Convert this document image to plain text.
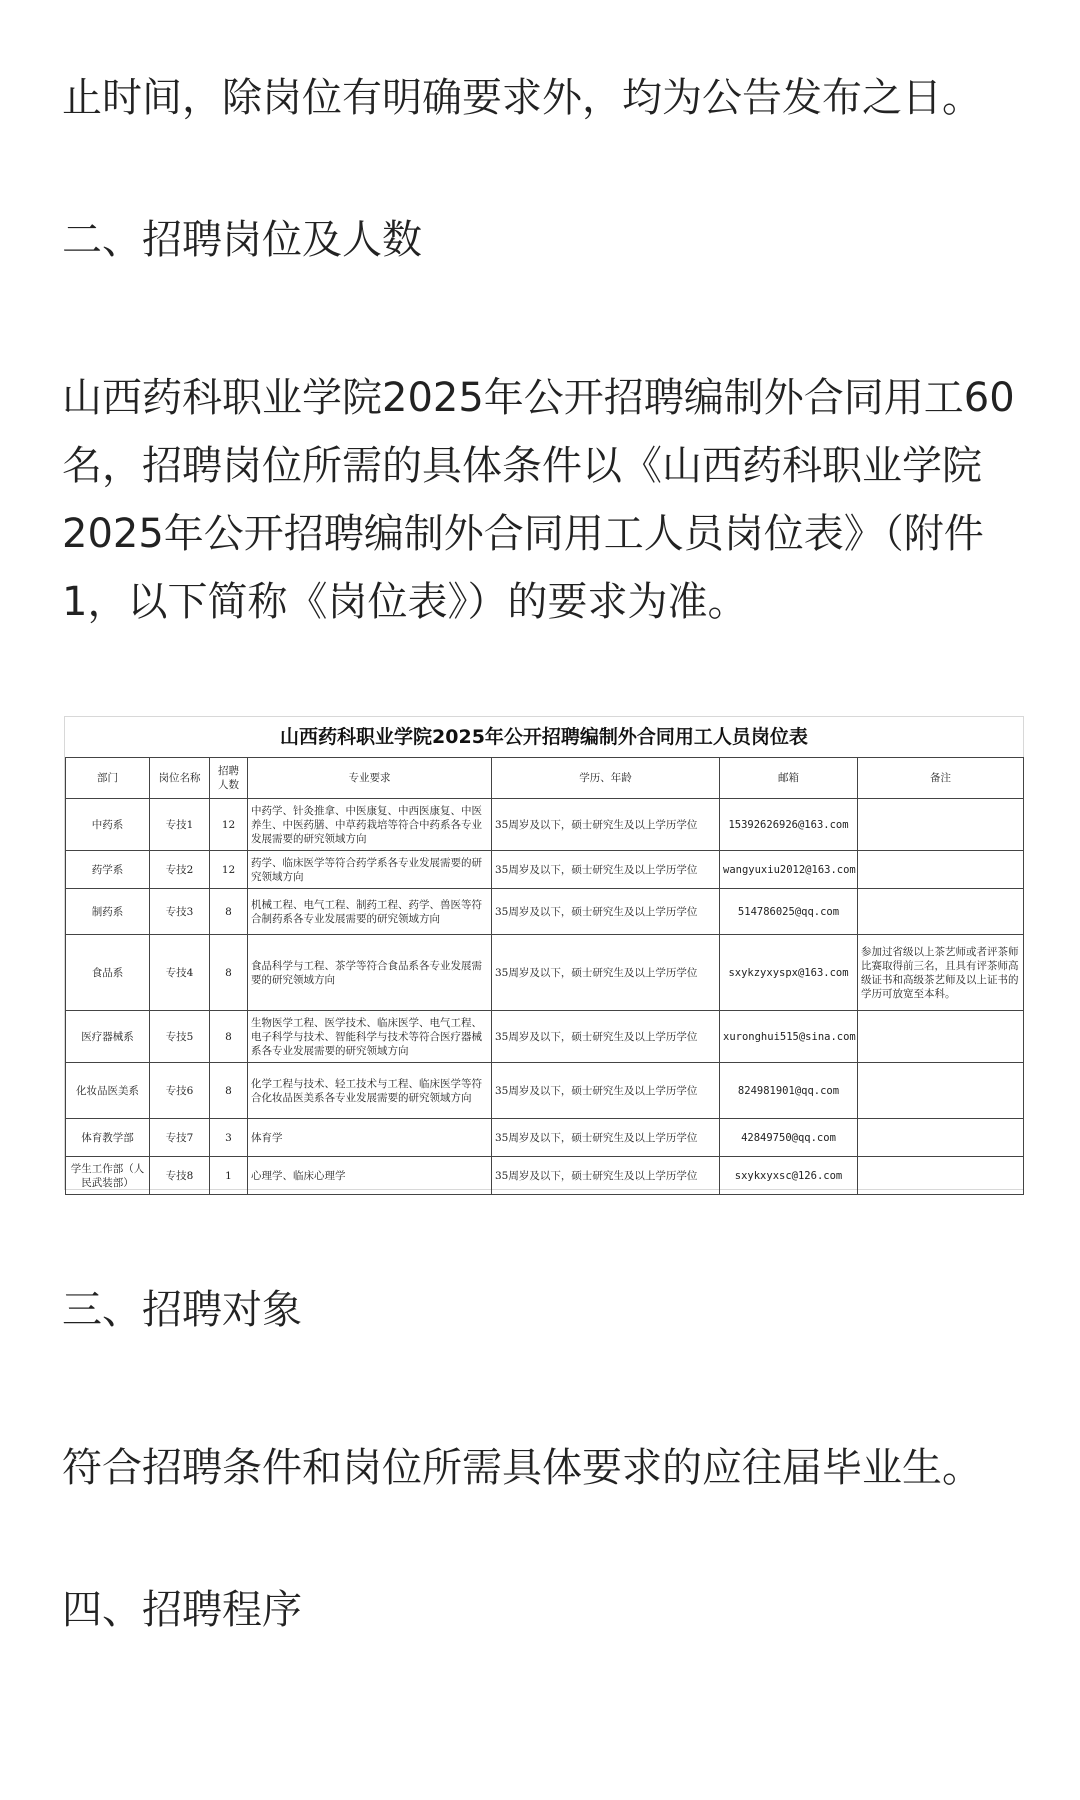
止时间，除岗位有明确要求外，均为公告发布之日。

二、招聘岗位及人数

山西药科职业学院2025年公开招聘编制外合同用工60名，招聘岗位所需的具体条件以《山西药科职业学院2025年公开招聘编制外合同用工人员岗位表》（附件1，以下简称《岗位表》）的要求为准。

山西药科职业学院2025年公开招聘编制外合同用工人员岗位表
部门	岗位名称	招聘人数	专业要求	学历、年龄	邮箱	备注
中药系	专技1	12	中药学、针灸推拿、中医康复、中西医康复、中医养生、中医药膳、中草药栽培等符合中药系各专业发展需要的研究领域方向	35周岁及以下，硕士研究生及以上学历学位	15392626926@163.com	
药学系	专技2	12	药学、临床医学等符合药学系各专业发展需要的研究领域方向	35周岁及以下，硕士研究生及以上学历学位	wangyuxiu2012@163.com	
制药系	专技3	8	机械工程、电气工程、制药工程、药学、兽医等符合制药系各专业发展需要的研究领域方向	35周岁及以下，硕士研究生及以上学历学位	514786025@qq.com	
食品系	专技4	8	食品科学与工程、茶学等符合食品系各专业发展需要的研究领域方向	35周岁及以下，硕士研究生及以上学历学位	sxykzyxyspx@163.com	参加过省级以上茶艺师或者评茶师比赛取得前三名，且具有评茶师高级证书和高级茶艺师及以上证书的学历可放宽至本科。
医疗器械系	专技5	8	生物医学工程、医学技术、临床医学、电气工程、电子科学与技术、智能科学与技术等符合医疗器械系各专业发展需要的研究领域方向	35周岁及以下，硕士研究生及以上学历学位	xuronghui515@sina.com	
化妆品医美系	专技6	8	化学工程与技术、轻工技术与工程、临床医学等符合化妆品医美系各专业发展需要的研究领域方向	35周岁及以下，硕士研究生及以上学历学位	824981901@qq.com	
体育教学部	专技7	3	体育学	35周岁及以下，硕士研究生及以上学历学位	42849750@qq.com	
学生工作部（人民武装部）	专技8	1	心理学、临床心理学	35周岁及以下，硕士研究生及以上学历学位	sxykxyxsc@126.com	
三、招聘对象

符合招聘条件和岗位所需具体要求的应往届毕业生。

四、招聘程序
